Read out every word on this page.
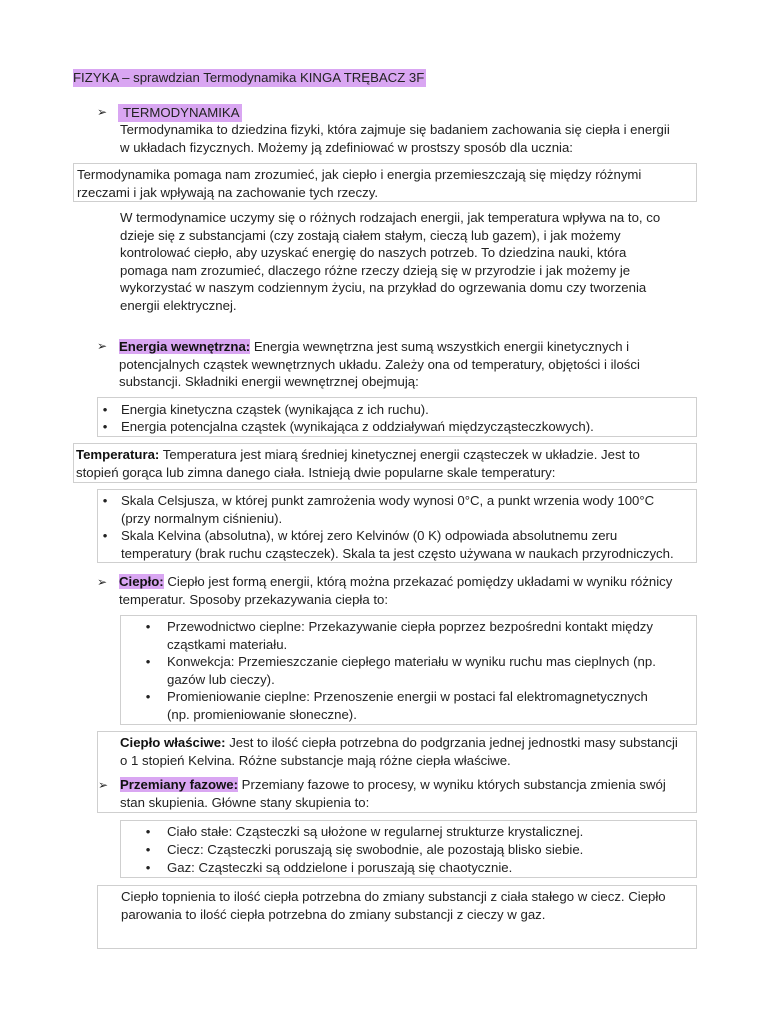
FIZYKA – sprawdzian Termodynamika KINGA TRĘBACZ 3F
➢	TERMODYNAMIKA
Termodynamika to dziedzina fizyki, która zajmuje się badaniem zachowania się ciepła i energii
w układach fizycznych. Możemy ją zdefiniować w prostszy sposób dla ucznia:
Termodynamika pomaga nam zrozumieć, jak ciepło i energia przemieszczają się między różnymi
rzeczami i jak wpływają na zachowanie tych rzeczy.
W termodynamice uczymy się o różnych rodzajach energii, jak temperatura wpływa na to, co
dzieje się z substancjami (czy zostają ciałem stałym, cieczą lub gazem), i jak możemy
kontrolować ciepło, aby uzyskać energię do naszych potrzeb. To dziedzina nauki, która
pomaga nam zrozumieć, dlaczego różne rzeczy dzieją się w przyrodzie i jak możemy je
wykorzystać w naszym codziennym życiu, na przykład do ogrzewania domu czy tworzenia
energii elektrycznej.
➢ Energia wewnętrzna: Energia wewnętrzna jest sumą wszystkich energii kinetycznych i
potencjalnych cząstek wewnętrznych układu. Zależy ona od temperatury, objętości i ilości
substancji. Składniki energii wewnętrznej obejmują:
•	Energia kinetyczna cząstek (wynikająca z ich ruchu).
•	Energia potencjalna cząstek (wynikająca z oddziaływań międzycząsteczkowych).
Temperatura: Temperatura jest miarą średniej kinetycznej energii cząsteczek w układzie. Jest to
stopień gorąca lub zimna danego ciała. Istnieją dwie popularne skale temperatury:
•	Skala Celsjusza, w której punkt zamrożenia wody wynosi 0°C, a punkt wrzenia wody 100°C
(przy normalnym ciśnieniu).
•	Skala Kelvina (absolutna), w której zero Kelvinów (0 K) odpowiada absolutnemu zeru
temperatury (brak ruchu cząsteczek). Skala ta jest często używana w naukach przyrodniczych.
➢ Ciepło: Ciepło jest formą energii, którą można przekazać pomiędzy układami w wyniku różnicy
temperatur. Sposoby przekazywania ciepła to:
•	Przewodnictwo cieplne: Przekazywanie ciepła poprzez bezpośredni kontakt między
cząstkami materiału.
•	Konwekcja: Przemieszczanie ciepłego materiału w wyniku ruchu mas cieplnych (np.
gazów lub cieczy).
•	Promieniowanie cieplne: Przenoszenie energii w postaci fal elektromagnetycznych
(np. promieniowanie słoneczne).
Ciepło właściwe: Jest to ilość ciepła potrzebna do podgrzania jednej jednostki masy substancji
o 1 stopień Kelvina. Różne substancje mają różne ciepła właściwe.
➢ Przemiany fazowe: Przemiany fazowe to procesy, w wyniku których substancja zmienia swój
stan skupienia. Główne stany skupienia to:
•	Ciało stałe: Cząsteczki są ułożone w regularnej strukturze krystalicznej.
•	Ciecz: Cząsteczki poruszają się swobodnie, ale pozostają blisko siebie.
•	Gaz: Cząsteczki są oddzielone i poruszają się chaotycznie.
Ciepło topnienia to ilość ciepła potrzebna do zmiany substancji z ciała stałego w ciecz. Ciepło
parowania to ilość ciepła potrzebna do zmiany substancji z cieczy w gaz.
